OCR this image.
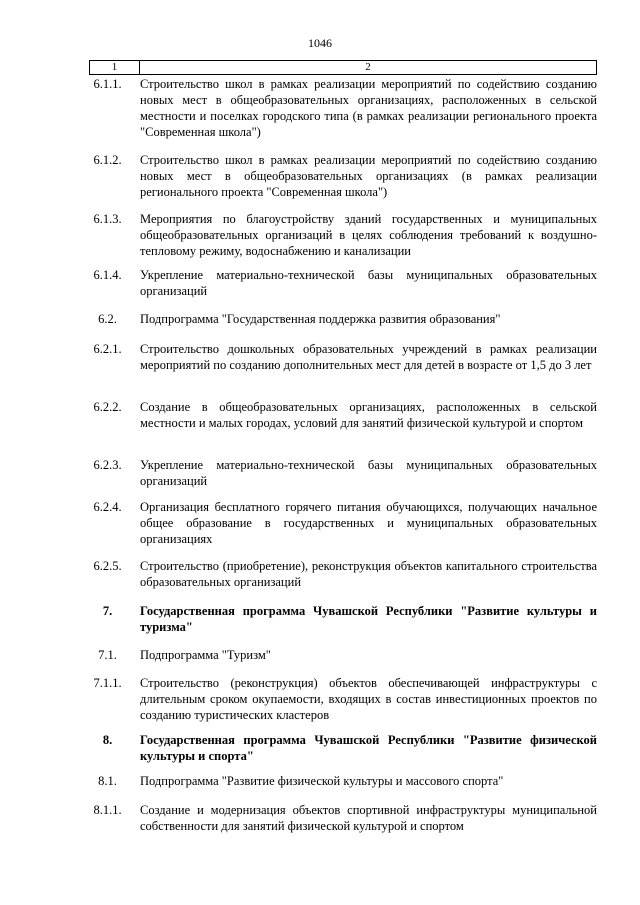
1046
1	2
6.1.1.	Строительство школ в рамках реализации мероприятий по содействию созданию новых мест в общеобразовательных организациях, расположенных в сельской местности и поселках городского типа (в рамках реализации регионального проекта "Современная школа")
6.1.2.	Строительство школ в рамках реализации мероприятий по содействию созданию новых мест в общеобразовательных организациях (в рамках реализации регионального проекта "Современная школа")
6.1.3.	Мероприятия по благоустройству зданий государственных и муниципальных общеобразовательных организаций в целях соблюдения требований к воздушно-тепловому режиму, водоснабжению и канализации
6.1.4.	Укрепление материально-технической базы муниципальных образовательных организаций
6.2.	Подпрограмма "Государственная поддержка развития образования"
6.2.1.	Строительство дошкольных образовательных учреждений в рамках реализации мероприятий по созданию дополнительных мест для детей в возрасте от 1,5 до 3 лет
6.2.2.	Создание в общеобразовательных организациях, расположенных в сельской местности и малых городах, условий для занятий физической культурой и спортом
6.2.3.	Укрепление материально-технической базы муниципальных образовательных организаций
6.2.4.	Организация бесплатного горячего питания обучающихся, получающих начальное общее образование в государственных и муниципальных образовательных организациях
6.2.5.	Строительство (приобретение), реконструкция объектов капитального строительства образовательных организаций
7.	Государственная программа Чувашской Республики "Развитие культуры и туризма"
7.1.	Подпрограмма "Туризм"
7.1.1.	Строительство (реконструкция) объектов обеспечивающей инфраструктуры с длительным сроком окупаемости, входящих в состав инвестиционных проектов по созданию туристических кластеров
8.	Государственная программа Чувашской Республики "Развитие физической культуры и спорта"
8.1.	Подпрограмма "Развитие физической культуры и массового спорта"
8.1.1.	Создание и модернизация объектов спортивной инфраструктуры муниципальной собственности для занятий физической культурой и спортом
